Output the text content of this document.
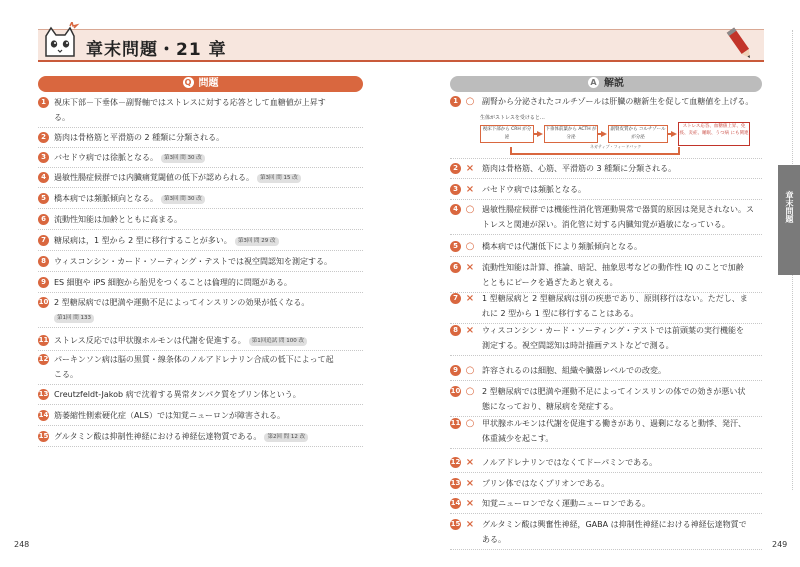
章末問題・21 章
Q 問題	A 解説
1	視床下部－下垂体－副腎軸ではストレスに対する応答として血糖値が上昇す
る。
2	筋肉は骨格筋と平滑筋の 2 種類に分類される。
3	バセドウ病では徐脈となる。 第3回 問 30 改
4	過敏性腸症候群では内臓痛覚閾値の低下が認められる。 第3回 問 15 改
5	橋本病では頻脈傾向となる。 第3回 問 30 改
6	流動性知能は加齢とともに高まる。
7	糖尿病は，1 型から 2 型に移行することが多い。 第3回 問 29 改
8	ウィスコンシン・カード・ソーティング・テストでは視空間認知を測定する。
9	ES 細胞や iPS 細胞から胎児をつくることは倫理的に問題がある。
10 2 型糖尿病では肥満や運動不足によってインスリンの効果が低くなる。
第1回 問 133
11 ストレス反応では甲状腺ホルモンは代謝を促進する。 第1回追試 問 100 改
12 パーキンソン病は脳の黒質・線条体のノルアドレナリン合成の低下によって起
こる。
13 Creutzfeldt-Jakob 病で沈着する異常タンパク質をプリン体という。
14 筋萎縮性側索硬化症（ALS）では知覚ニューロンが障害される。
15 グルタミン酸は抑制性神経における神経伝達物質である。 第2回 問 12 改
1 ○ 副腎から分泌されたコルチゾールは肝臓の糖新生を促して血糖値を上げる。
2 × 筋肉は骨格筋、心筋、平滑筋の 3 種類に分類される。
3 × バセドウ病では頻脈となる。
4 ○ 過敏性腸症候群では機能性消化管運動異常で器質的原因は発見されない。ス
トレスと関連が深い。消化管に対する内臓知覚が過敏になっている。
5 ○ 橋本病では代謝低下により頻脈傾向となる。
6 × 流動性知能は計算、推論、暗記、抽象思考などの動作性 IQ のことで加齢
とともにピークを過ぎたあと衰える。
7 × 1 型糖尿病と 2 型糖尿病は別の疾患であり、原則移行はない。ただし、ま
れに 2 型から 1 型に移行することはある。
8 × ウィスコンシン・カード・ソーティング・テストでは前頭葉の実行機能を
測定する。視空間認知は時計描画テストなどで測る。
9 ○ 許容されるのは細胞、組織や臓器レベルでの改変。
10 ○ 2 型糖尿病では肥満や運動不足によってインスリンの体での効きが悪い状
態になっており、糖尿病を発症する。
11 ○ 甲状腺ホルモンは代謝を促進する働きがあり、過剰になると動悸、発汗、
体重減少を起こす。
12 × ノルアドレナリンではなくてドーパミンである。
13 × プリン体ではなくプリオンである。
14 × 知覚ニューロンでなく運動ニューロンである。
15 × グルタミン酸は興奮性神経，GABA は抑制性神経における神経伝達物質で
ある。
生体がストレスを受けると…
視床下部から CRH が分泌
下垂体前葉から ACTH が分泌
副腎皮質から コルチゾールが分泌
ストレス応答、血糖値上昇、免疫、炎症、睡眠、うつ病 にも関連
ネガティブ・フィードバック
章末問題
248	249
